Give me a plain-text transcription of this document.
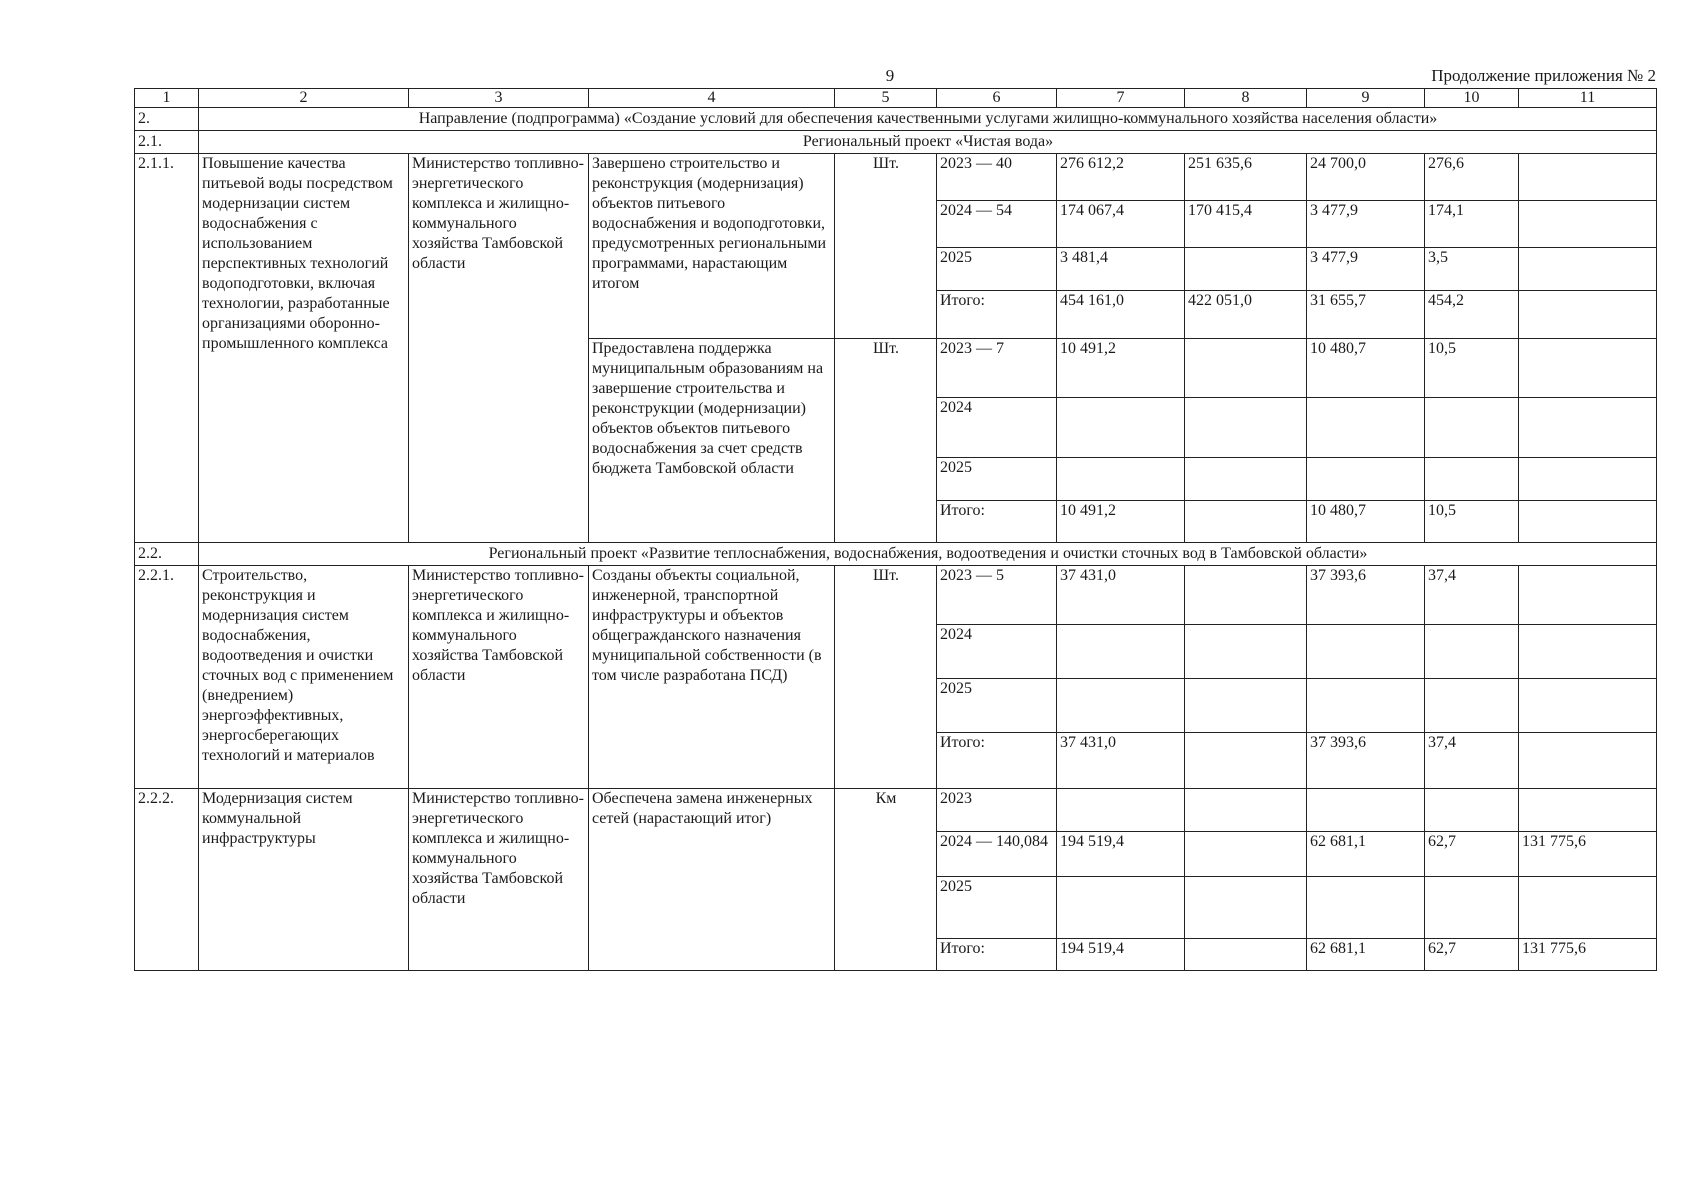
9	Продолжение приложения № 2
1	2	3	4	5	6	7	8	9	10	11
2.	Направление (подпрограмма) «Создание условий для обеспечения качественными услугами жилищно-коммунального хозяйства населения области»									
2.1.	Региональный проект «Чистая вода»									
2.1.1.	Повышение качества питьевой воды посредством модернизации систем водоснабжения с использованием перспективных технологий водоподготовки, включая технологии, разработанные организациями оборонно-промышленного комплекса	Министерство топливно-энергетического комплекса и жилищно-коммунального хозяйства Тамбовской области	Завершено строительство и реконструкция (модернизация) объектов питьевого водоснабжения и водоподготовки, предусмотренных региональными программами, нарастающим итогом	Шт.	2023 — 40	276 612,2	251 635,6	24 700,0	276,6	
					2024 — 54	174 067,4	170 415,4	3 477,9	174,1	
					2025	3 481,4		3 477,9	3,5	
					Итого:	454 161,0	422 051,0	31 655,7	454,2	
			Предоставлена поддержка муниципальным образованиям на завершение строительства и реконструкции (модернизации) объектов объектов питьевого водоснабжения за счет средств бюджета Тамбовской области	Шт.	2023 — 7	10 491,2		10 480,7	10,5	
					2024					
					2025					
					Итого:	10 491,2		10 480,7	10,5	
2.2.	Региональный проект «Развитие теплоснабжения, водоснабжения, водоотведения и очистки сточных вод в Тамбовской области»									
2.2.1.	Строительство, реконструкция и модернизация систем водоснабжения, водоотведения и очистки сточных вод с применением (внедрением) энергоэффективных, энергосберегающих технологий и материалов	Министерство топливно-энергетического комплекса и жилищно-коммунального хозяйства Тамбовской области	Созданы объекты социальной, инженерной, транспортной инфраструктуры и объектов общегражданского назначения муниципальной собственности (в том числе разработана ПСД)	Шт.	2023 — 5	37 431,0		37 393,6	37,4	
					2024					
					2025					
					Итого:	37 431,0		37 393,6	37,4	
2.2.2.	Модернизация систем коммунальной инфраструктуры	Министерство топливно-энергетического комплекса и жилищно-коммунального хозяйства Тамбовской области	Обеспечена замена инженерных сетей (нарастающий итог)	Км	2023					
					2024 — 140,084	194 519,4		62 681,1	62,7	131 775,6
					2025					
					Итого:	194 519,4		62 681,1	62,7	131 775,6
